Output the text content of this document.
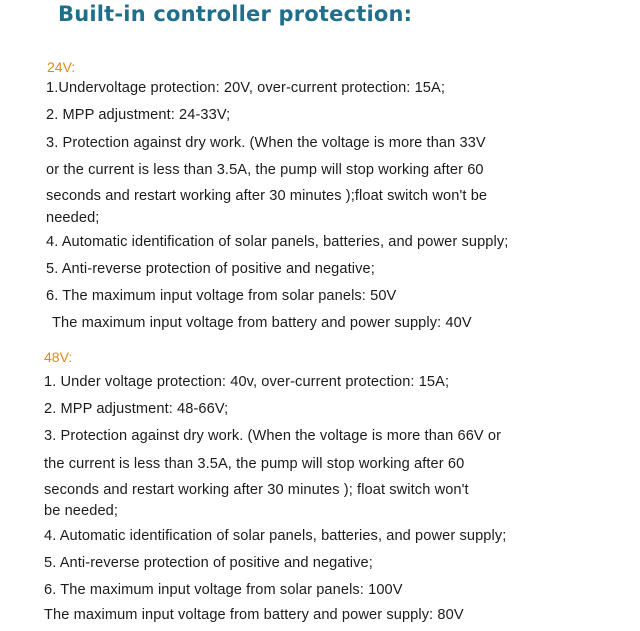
Built-in controller protection:
24V:
1.Undervoltage protection: 20V, over-current protection: 15A;
2. MPP adjustment: 24-33V;
3. Protection against dry work. (When the voltage is more than 33V
or the current is less than 3.5A, the pump will stop working after 60
seconds and restart working after 30 minutes );float switch won't be
needed;
4. Automatic identification of solar panels, batteries, and power supply;
5. Anti-reverse protection of positive and negative;
6. The maximum input voltage from solar panels: 50V
The maximum input voltage from battery and power supply: 40V
48V:
1. Under voltage protection: 40v, over-current protection: 15A;
2. MPP adjustment: 48-66V;
3. Protection against dry work. (When the voltage is more than 66V or
the current is less than 3.5A, the pump will stop working after 60
seconds and restart working after 30 minutes ); float switch won't
be needed;
4. Automatic identification of solar panels, batteries, and power supply;
5. Anti-reverse protection of positive and negative;
6. The maximum input voltage from solar panels: 100V
The maximum input voltage from battery and power supply: 80V
